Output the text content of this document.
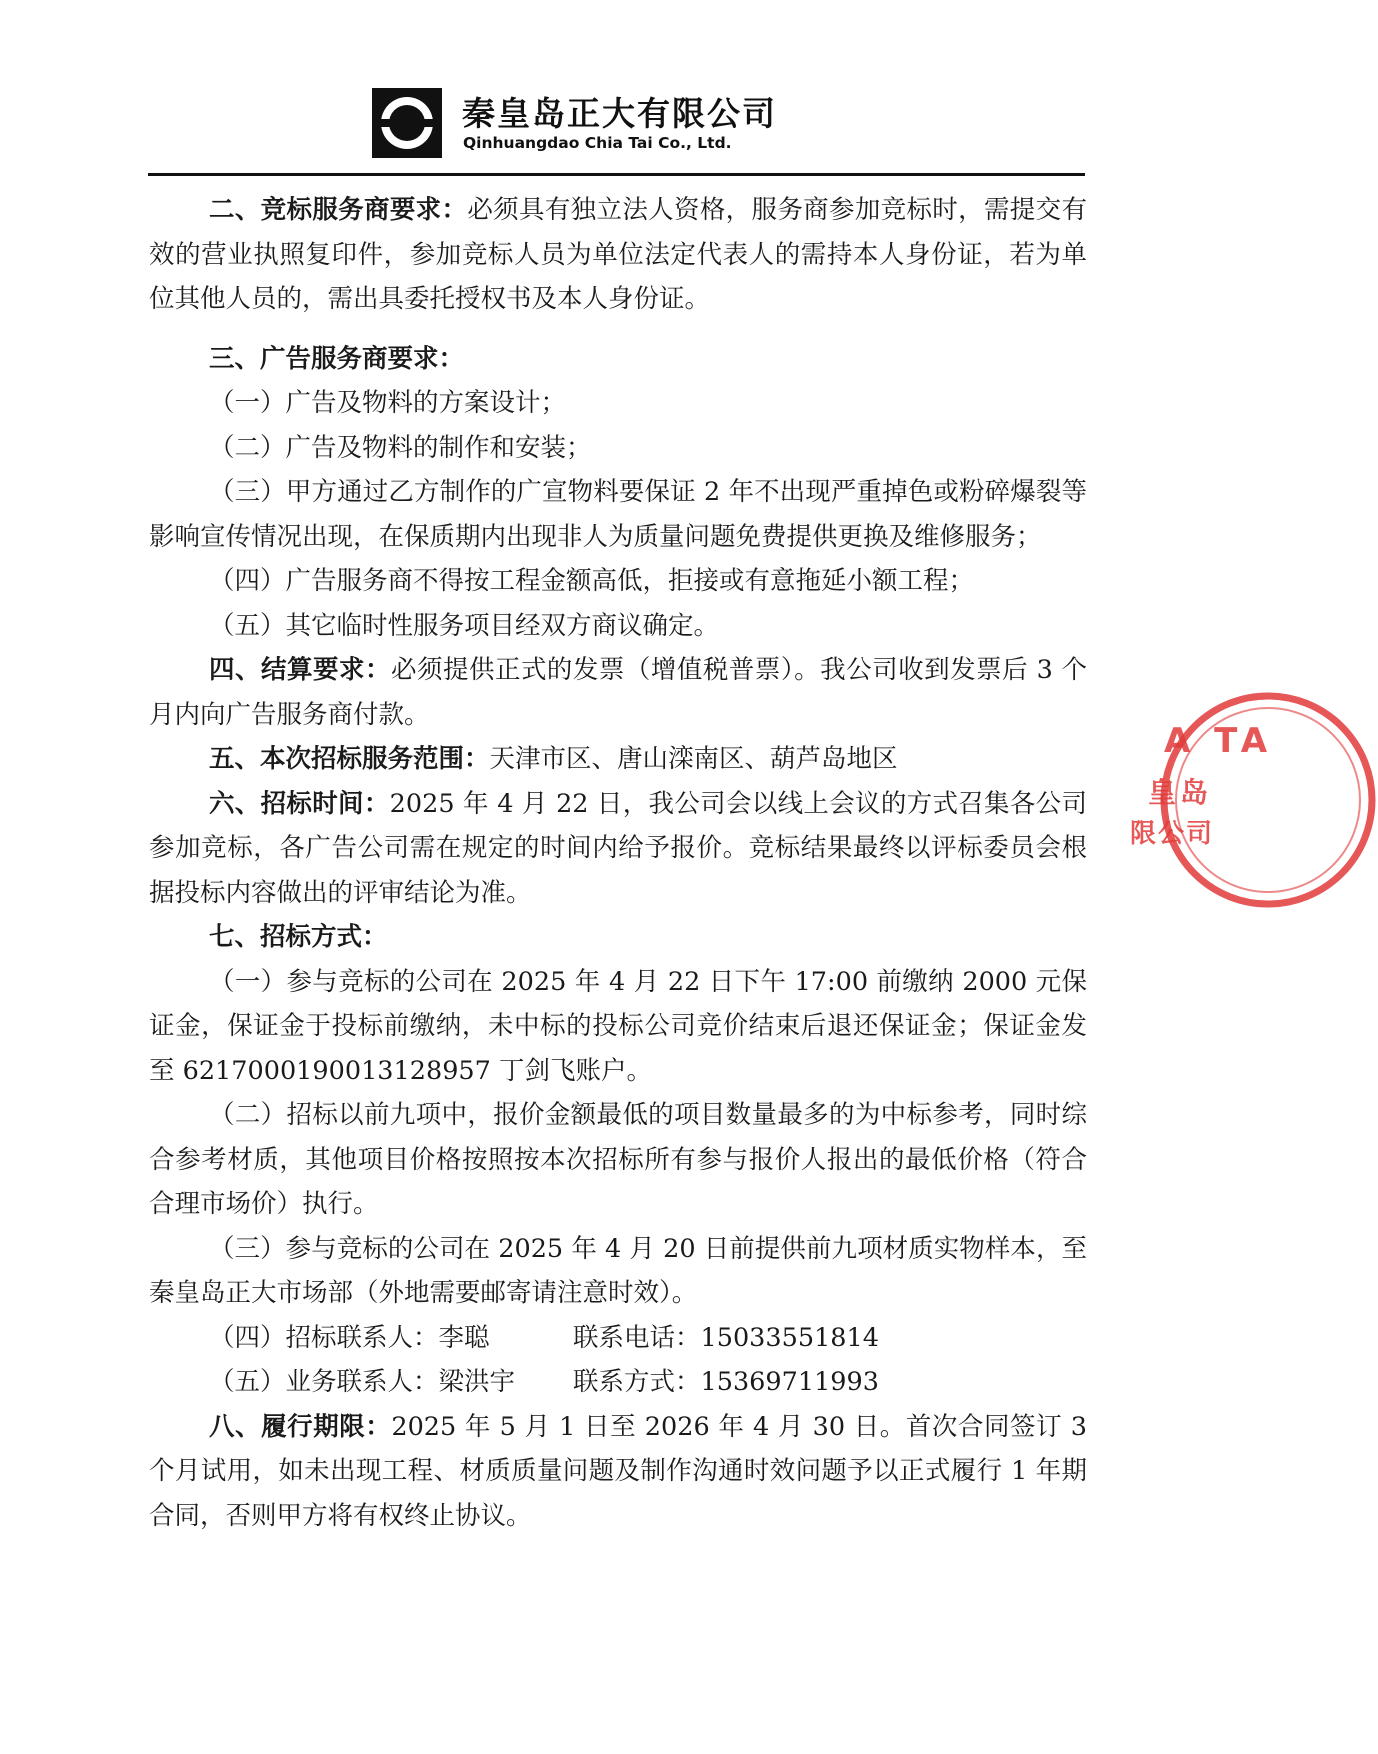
秦皇岛正大有限公司
Qinhuangdao Chia Tai Co., Ltd.

二、竞标服务商要求：必须具有独立法人资格，服务商参加竞标时，需提交有效的营业执照复印件，参加竞标人员为单位法定代表人的需持本人身份证，若为单位其他人员的，需出具委托授权书及本人身份证。

三、广告服务商要求：

（一）广告及物料的方案设计；

（二）广告及物料的制作和安装；

（三）甲方通过乙方制作的广宣物料要保证 2 年不出现严重掉色或粉碎爆裂等影响宣传情况出现，在保质期内出现非人为质量问题免费提供更换及维修服务；

（四）广告服务商不得按工程金额高低，拒接或有意拖延小额工程；

（五）其它临时性服务项目经双方商议确定。

四、结算要求：必须提供正式的发票（增值税普票）。我公司收到发票后 3 个月内向广告服务商付款。

五、本次招标服务范围：天津市区、唐山滦南区、葫芦岛地区

六、招标时间：2025 年 4 月 22 日，我公司会以线上会议的方式召集各公司参加竞标，各广告公司需在规定的时间内给予报价。竞标结果最终以评标委员会根据投标内容做出的评审结论为准。

七、招标方式：

（一）参与竞标的公司在 2025 年 4 月 22 日下午 17:00 前缴纳 2000 元保证金，保证金于投标前缴纳，未中标的投标公司竞价结束后退还保证金；保证金发至 6217000190013128957 丁剑飞账户。

（二）招标以前九项中，报价金额最低的项目数量最多的为中标参考，同时综合参考材质，其他项目价格按照按本次招标所有参与报价人报出的最低价格（符合合理市场价）执行。

（三）参与竞标的公司在 2025 年 4 月 20 日前提供前九项材质实物样本，至秦皇岛正大市场部（外地需要邮寄请注意时效）。

（四）招标联系人：李聪	联系电话：15033551814
（五）业务联系人：梁洪宇	联系方式：15369711993

八、履行期限：2025 年 5 月 1 日至 2026 年 4 月 30 日。首次合同签订 3 个月试用，如未出现工程、材质质量问题及制作沟通时效问题予以正式履行 1 年期合同，否则甲方将有权终止协议。

A TA
皇岛
限公司
